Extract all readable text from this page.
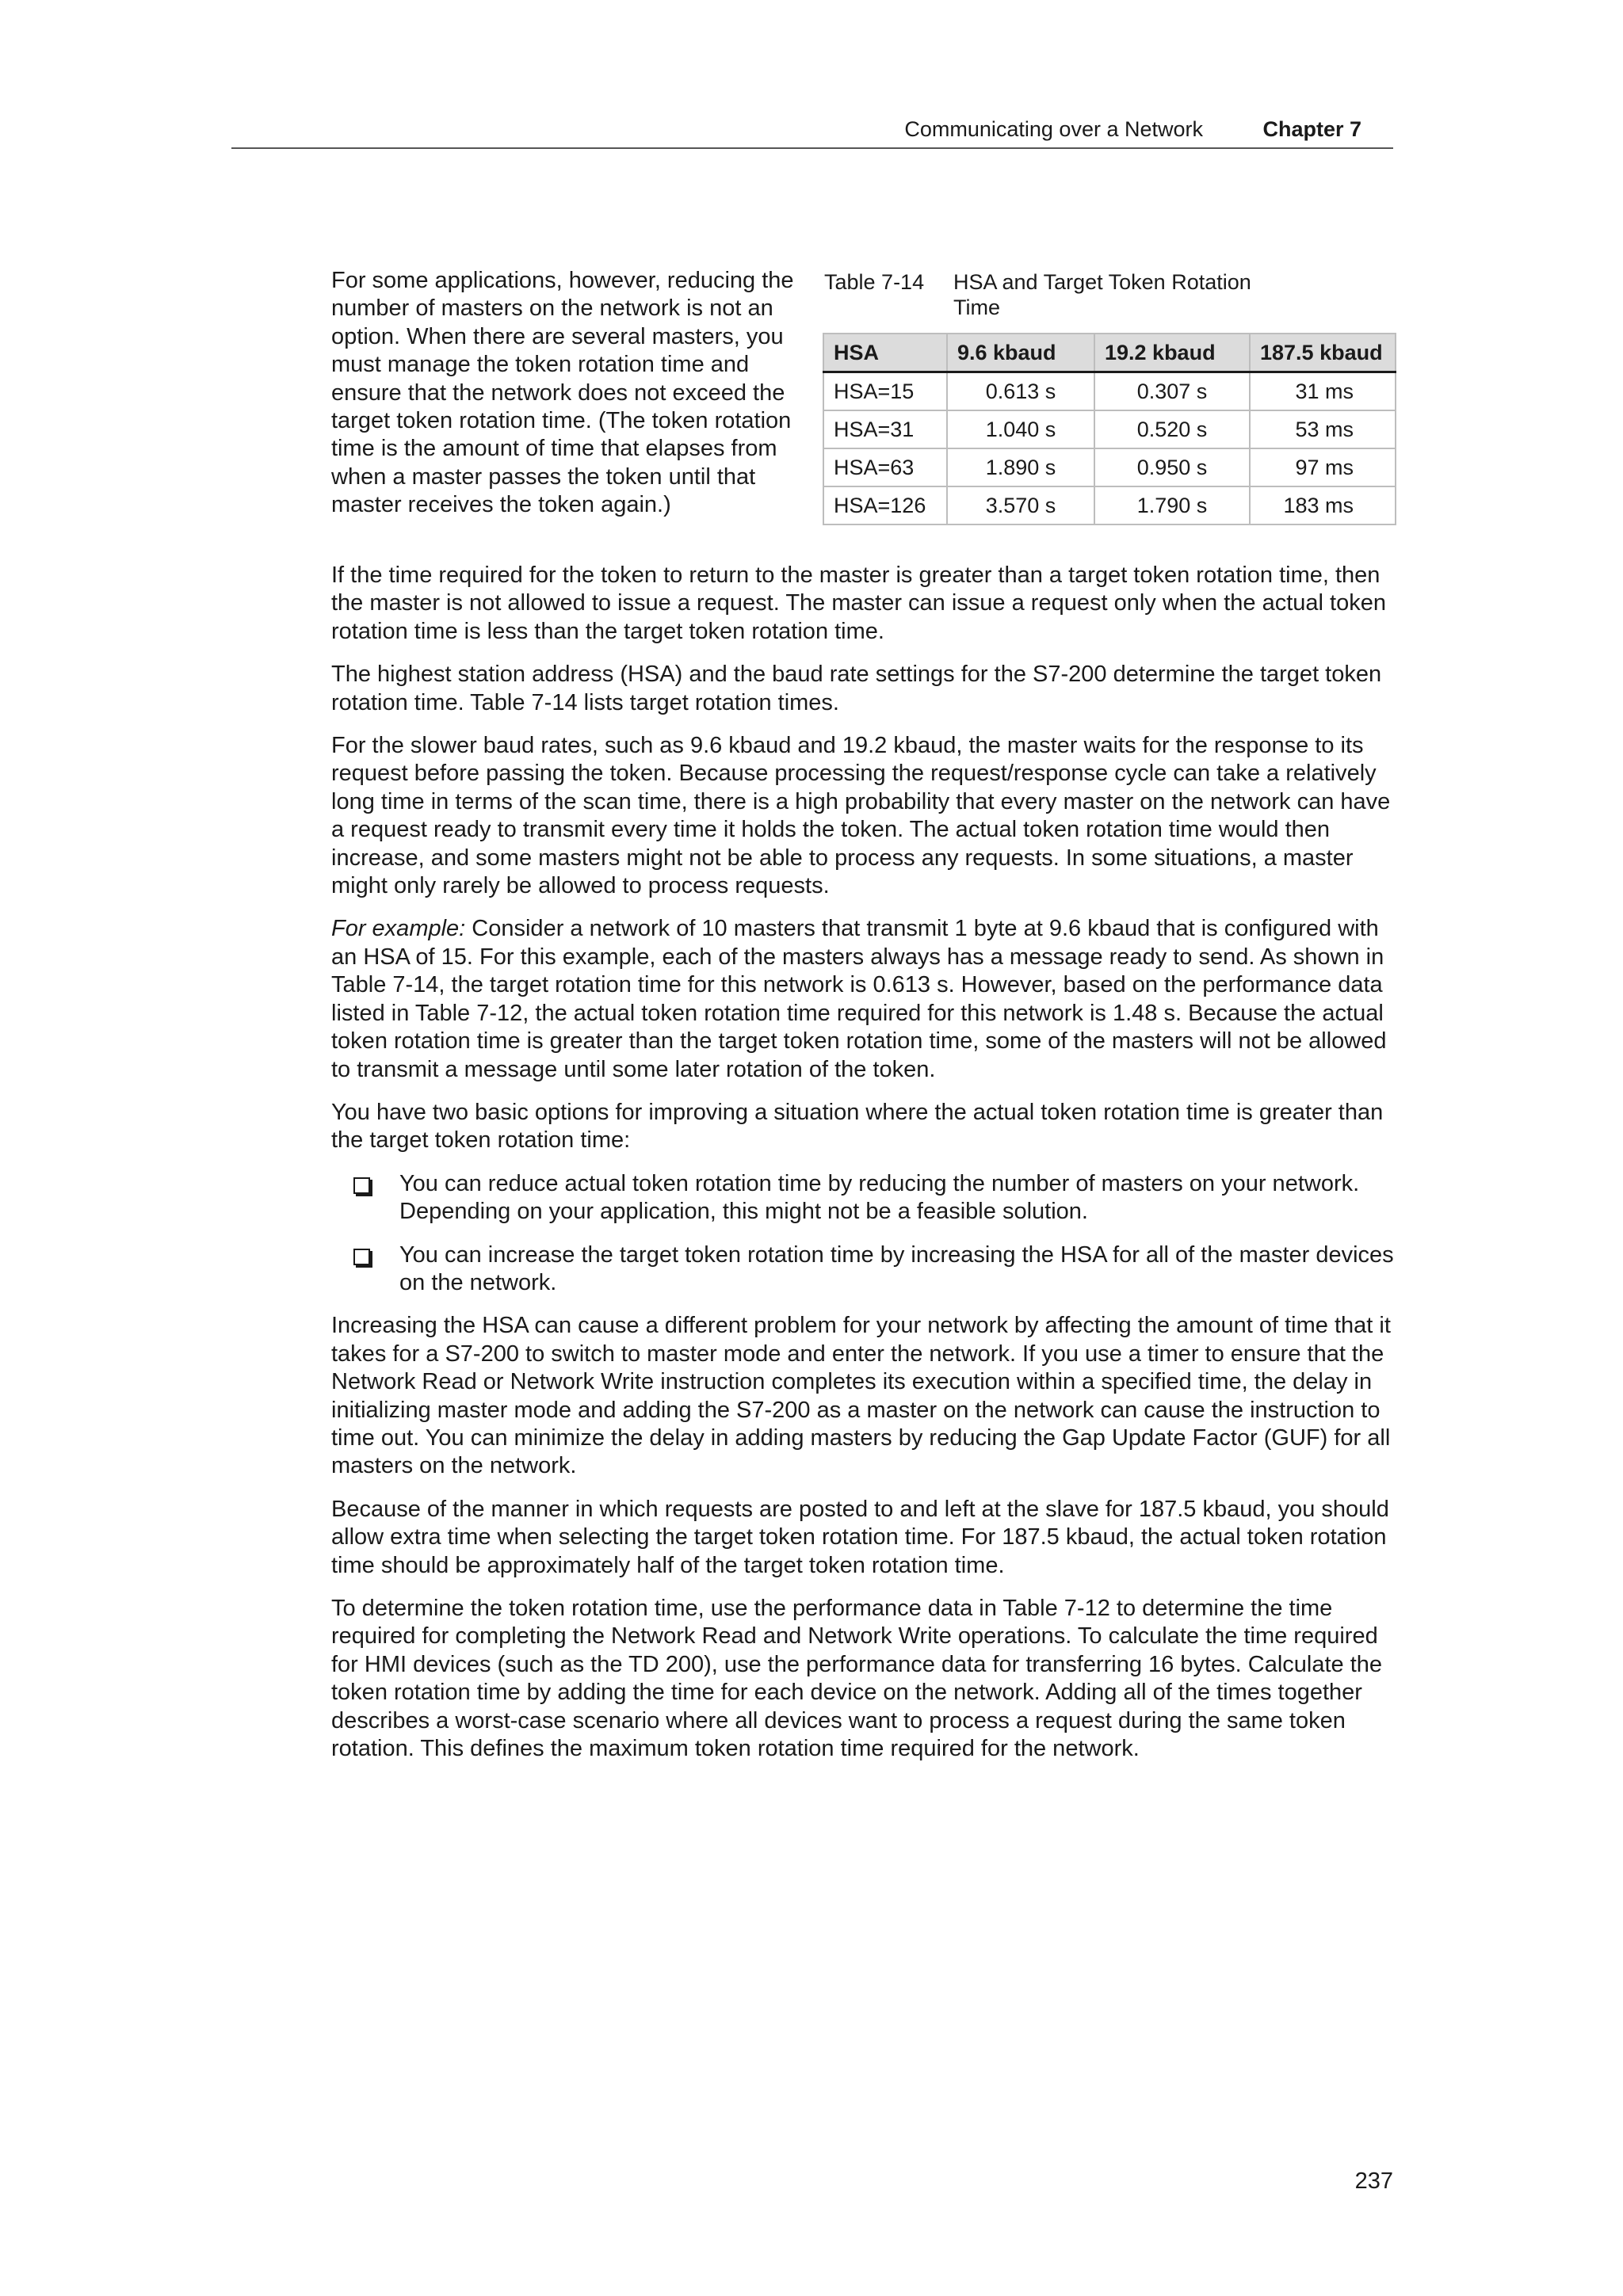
Communicating over a Network	Chapter 7
For some applications, however, reducing the number of masters on the network is not an option. When there are several masters, you must manage the token rotation time and ensure that the network does not exceed the target token rotation time. (The token rotation time is the amount of time that elapses from when a master passes the token until that master receives the token again.)
Table 7-14 HSA and Target Token Rotation Time
HSA	9.6 kbaud	19.2 kbaud	187.5 kbaud
HSA=15	0.613 s	0.307 s	31 ms
HSA=31	1.040 s	0.520 s	53 ms
HSA=63	1.890 s	0.950 s	97 ms
HSA=126	3.570 s	1.790 s	183 ms

If the time required for the token to return to the master is greater than a target token rotation time, then the master is not allowed to issue a request. The master can issue a request only when the actual token rotation time is less than the target token rotation time.

The highest station address (HSA) and the baud rate settings for the S7-200 determine the target token rotation time. Table 7-14 lists target rotation times.

For the slower baud rates, such as 9.6 kbaud and 19.2 kbaud, the master waits for the response to its request before passing the token. Because processing the request/response cycle can take a relatively long time in terms of the scan time, there is a high probability that every master on the network can have a request ready to transmit every time it holds the token. The actual token rotation time would then increase, and some masters might not be able to process any requests. In some situations, a master might only rarely be allowed to process requests.

For example: Consider a network of 10 masters that transmit 1 byte at 9.6 kbaud that is configured with an HSA of 15. For this example, each of the masters always has a message ready to send. As shown in Table 7-14, the target rotation time for this network is 0.613 s. However, based on the performance data listed in Table 7-12, the actual token rotation time required for this network is 1.48 s. Because the actual token rotation time is greater than the target token rotation time, some of the masters will not be allowed to transmit a message until some later rotation of the token.

You have two basic options for improving a situation where the actual token rotation time is greater than the target token rotation time:

You can reduce actual token rotation time by reducing the number of masters on your network. Depending on your application, this might not be a feasible solution.
You can increase the target token rotation time by increasing the HSA for all of the master devices on the network.

Increasing the HSA can cause a different problem for your network by affecting the amount of time that it takes for a S7-200 to switch to master mode and enter the network. If you use a timer to ensure that the Network Read or Network Write instruction completes its execution within a specified time, the delay in initializing master mode and adding the S7-200 as a master on the network can cause the instruction to time out. You can minimize the delay in adding masters by reducing the Gap Update Factor (GUF) for all masters on the network.

Because of the manner in which requests are posted to and left at the slave for 187.5 kbaud, you should allow extra time when selecting the target token rotation time. For 187.5 kbaud, the actual token rotation time should be approximately half of the target token rotation time.

To determine the token rotation time, use the performance data in Table 7-12 to determine the time required for completing the Network Read and Network Write operations. To calculate the time required for HMI devices (such as the TD 200), use the performance data for transferring 16 bytes. Calculate the token rotation time by adding the time for each device on the network. Adding all of the times together describes a worst-case scenario where all devices want to process a request during the same token rotation. This defines the maximum token rotation time required for the network.

237
